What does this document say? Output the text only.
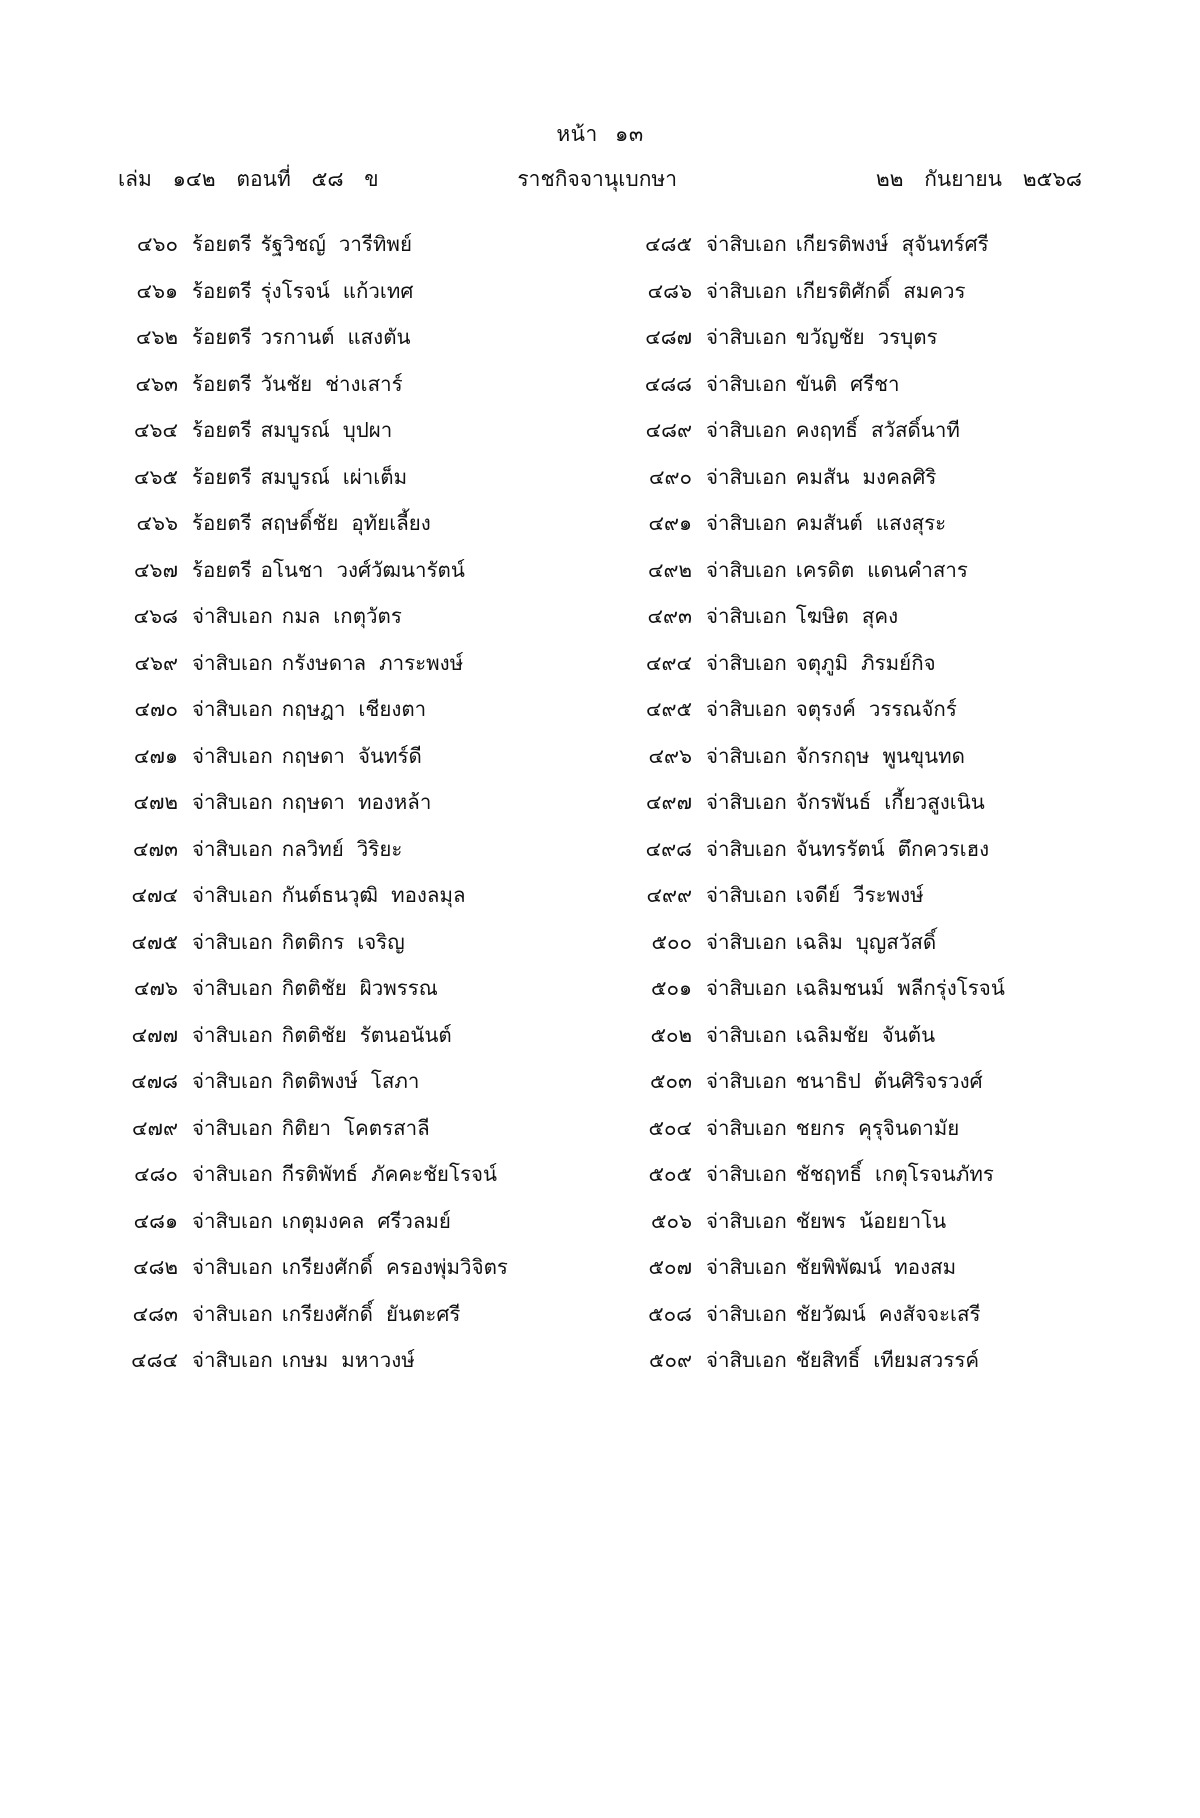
หน้า ๑๓
เล่ม ๑๔๒ ตอนที่ ๕๘ ข	ราชกิจจานุเบกษา	๒๒ กันยายน ๒๕๖๘
๔๖๐ ร้อยตรี รัฐวิชญ์ วารีทิพย์
๔๖๑ ร้อยตรี รุ่งโรจน์ แก้วเทศ
๔๖๒ ร้อยตรี วรกานต์ แสงตัน
๔๖๓ ร้อยตรี วันชัย ช่างเสาร์
๔๖๔ ร้อยตรี สมบูรณ์ บุปผา
๔๖๕ ร้อยตรี สมบูรณ์ เผ่าเต็ม
๔๖๖ ร้อยตรี สฤษดิ์ชัย อุทัยเลี้ยง
๔๖๗ ร้อยตรี อโนชา วงศ์วัฒนารัตน์
๔๖๘ จ่าสิบเอก กมล เกตุวัตร
๔๖๙ จ่าสิบเอก กรังษดาล ภาระพงษ์
๔๗๐ จ่าสิบเอก กฤษฎา เชียงตา
๔๗๑ จ่าสิบเอก กฤษดา จันทร์ดี
๔๗๒ จ่าสิบเอก กฤษดา ทองหล้า
๔๗๓ จ่าสิบเอก กลวิทย์ วิริยะ
๔๗๔ จ่าสิบเอก กันต์ธนวุฒิ ทองลมุล
๔๗๕ จ่าสิบเอก กิตติกร เจริญ
๔๗๖ จ่าสิบเอก กิตติชัย ผิวพรรณ
๔๗๗ จ่าสิบเอก กิตติชัย รัตนอนันต์
๔๗๘ จ่าสิบเอก กิตติพงษ์ โสภา
๔๗๙ จ่าสิบเอก กิติยา โคตรสาลี
๔๘๐ จ่าสิบเอก กีรติพัทธ์ ภัคคะชัยโรจน์
๔๘๑ จ่าสิบเอก เกตุมงคล ศรีวลมย์
๔๘๒ จ่าสิบเอก เกรียงศักดิ์ ครองพุ่มวิจิตร
๔๘๓ จ่าสิบเอก เกรียงศักดิ์ ยันตะศรี
๔๘๔ จ่าสิบเอก เกษม มหาวงษ์
๔๘๕ จ่าสิบเอก เกียรติพงษ์ สุจันทร์ศรี
๔๘๖ จ่าสิบเอก เกียรติศักดิ์ สมควร
๔๘๗ จ่าสิบเอก ขวัญชัย วรบุตร
๔๘๘ จ่าสิบเอก ขันติ ศรีชา
๔๘๙ จ่าสิบเอก คงฤทธิ์ สวัสดิ์นาที
๔๙๐ จ่าสิบเอก คมสัน มงคลศิริ
๔๙๑ จ่าสิบเอก คมสันต์ แสงสุระ
๔๙๒ จ่าสิบเอก เครดิต แดนคำสาร
๔๙๓ จ่าสิบเอก โฆษิต สุคง
๔๙๔ จ่าสิบเอก จตุภูมิ ภิรมย์กิจ
๔๙๕ จ่าสิบเอก จตุรงค์ วรรณจักร์
๔๙๖ จ่าสิบเอก จักรกฤษ พูนขุนทด
๔๙๗ จ่าสิบเอก จักรพันธ์ เกี้ยวสูงเนิน
๔๙๘ จ่าสิบเอก จันทรรัตน์ ตึกควรเฮง
๔๙๙ จ่าสิบเอก เจดีย์ วีระพงษ์
๕๐๐ จ่าสิบเอก เฉลิม บุญสวัสดิ์
๕๐๑ จ่าสิบเอก เฉลิมชนม์ พลีกรุ่งโรจน์
๕๐๒ จ่าสิบเอก เฉลิมชัย จันต้น
๕๐๓ จ่าสิบเอก ชนาธิป ต้นศิริจรวงศ์
๕๐๔ จ่าสิบเอก ชยกร คุรุจินดามัย
๕๐๕ จ่าสิบเอก ชัชฤทธิ์ เกตุโรจนภัทร
๕๐๖ จ่าสิบเอก ชัยพร น้อยยาโน
๕๐๗ จ่าสิบเอก ชัยพิพัฒน์ ทองสม
๕๐๘ จ่าสิบเอก ชัยวัฒน์ คงสัจจะเสรี
๕๐๙ จ่าสิบเอก ชัยสิทธิ์ เทียมสวรรค์
